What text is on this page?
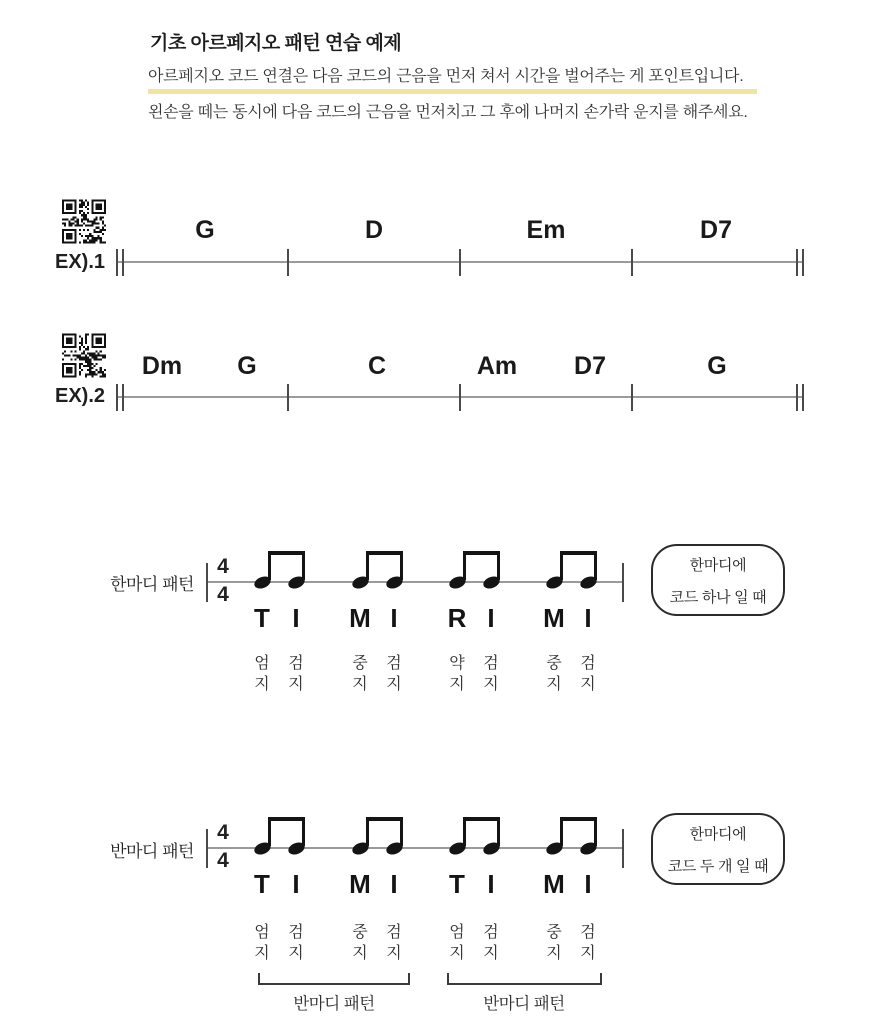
기초 아르페지오 패턴 연습 예제
아르페지오 코드 연결은 다음 코드의 근음을 먼저 쳐서 시간을 벌어주는 게 포인트입니다.
왼손을 떼는 동시에 다음 코드의 근음을 먼저치고 그 후에 나머지 손가락 운지를 해주세요.
EX).1
EX).2
한마디 패턴
4
4
반마디 패턴
4
4
한마디에
코드 하나 일 때
한마디에
코드 두 개 일 때
반마디 패턴	반마디 패턴
G	D	Em	D7
Dm	G	C	Am	D7	G
T
엄지
I
검지
M
중지
I
검지
R
약지
I
검지
M
중지
I
검지
T
엄지
I
검지
M
중지
I
검지
T
엄지
I
검지
M
중지
I
검지
